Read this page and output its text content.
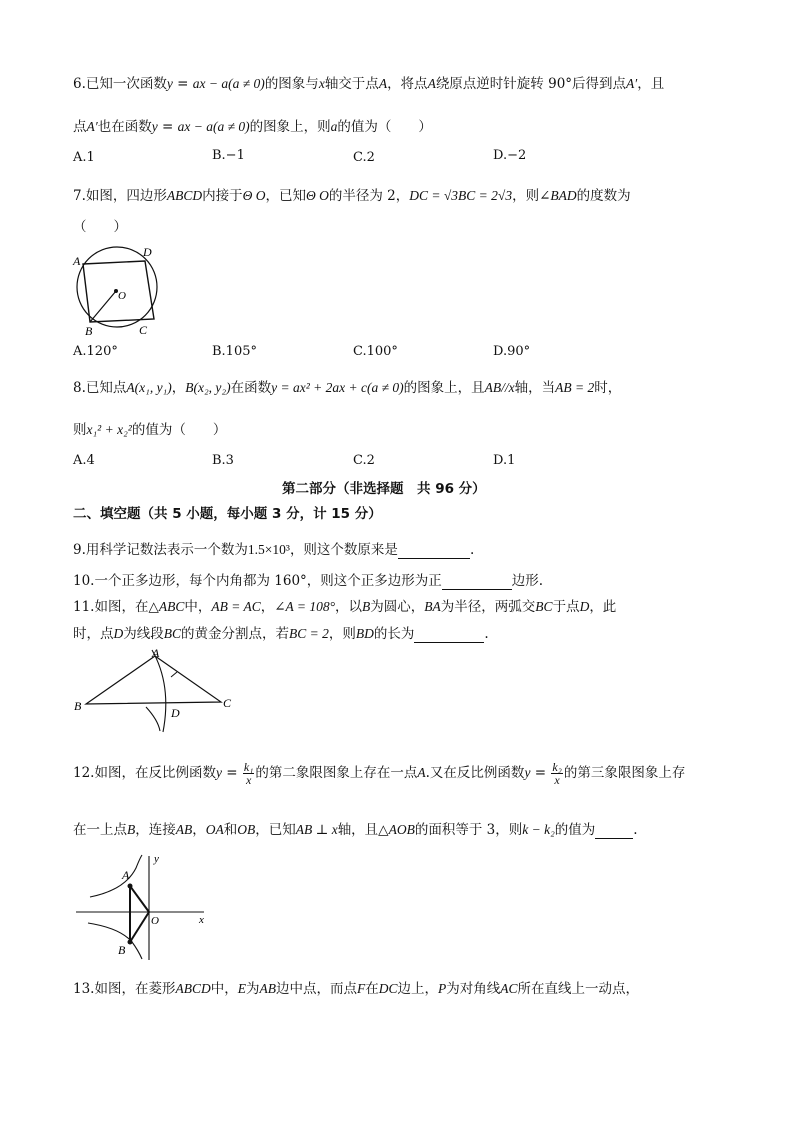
6.已知一次函数y = ax − a(a ≠ 0)的图象与x轴交于点A，将点A绕原点逆时针旋转 90°后得到点A′，且
点A′也在函数y = ax − a(a ≠ 0)的图象上，则a的值为（　　）
A.1	B.−1	C.2	D.−2
7.如图，四边形ABCD内接于Θ O，已知Θ O的半径为 2，DC = √3BC = 2√3，则∠BAD的度数为
（　　）
A
D
O
B	C
A.120°	B.105°	C.100°	D.90°
8.已知点A(x₁, y₁)，B(x₂, y₂)在函数y = ax² + 2ax + c(a ≠ 0)的图象上，且AB//x轴，当AB = 2时，
则x₁² + x₂²的值为（　　）
A.4	B.3	C.2	D.1
第二部分（非选择题　共 96 分）
二、填空题（共 5 小题，每小题 3 分，计 15 分）
9.用科学记数法表示一个数为1.5×10³，则这个数原来是	.
10.一个正多边形，每个内角都为 160°，则这个正多边形为正	边形.
11.如图，在△ABC中，AB = AC，∠A = 108°，以B为圆心，BA为半径，两弧交BC于点D，此
时，点D为线段BC的黄金分割点，若BC = 2，则BD的长为	.
A
B	C
D
12.如图，在反比例函数$y = \frac{\text{k₁}}{x}$ 的第二象限图象上存在一点A.又在反比例函数$y = \frac{\text{k₂}}{x}$ 的第三象限图象上存
在一上点B，连接AB，OA和OB，已知AB ⊥ x轴，且△AOB的面积等于 3，则k − k₂的值为	.
y
x
A
O
B
13.如图，在菱形ABCD中，E为AB边中点，而点F在DC边上，P为对角线AC所在直线上一动点，
